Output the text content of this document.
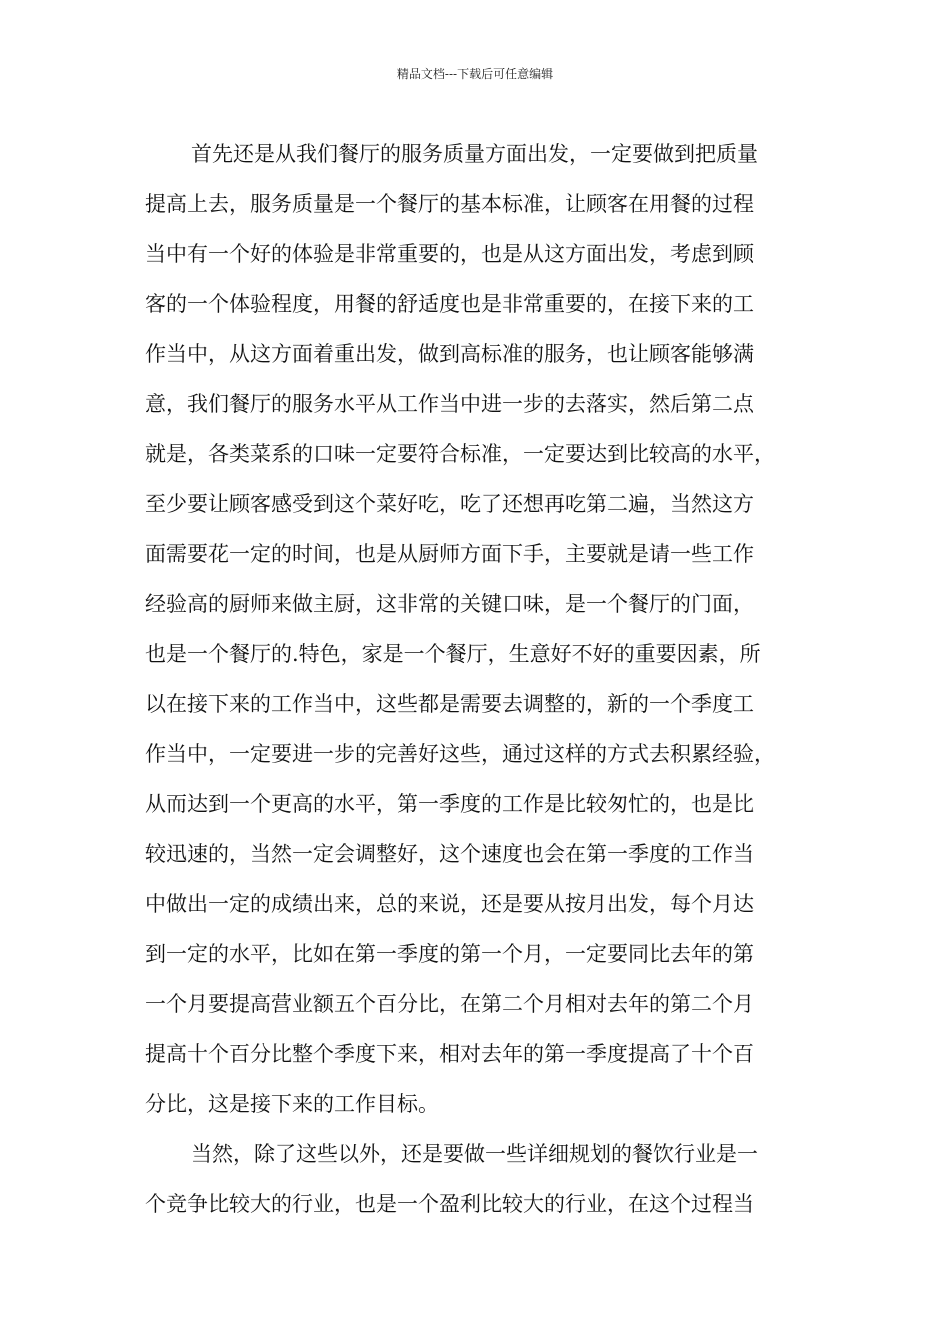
精品文档---下载后可任意编辑
首先还是从我们餐厅的服务质量方面出发，一定要做到把质量
提高上去，服务质量是一个餐厅的基本标准，让顾客在用餐的过程
当中有一个好的体验是非常重要的，也是从这方面出发，考虑到顾
客的一个体验程度，用餐的舒适度也是非常重要的，在接下来的工
作当中，从这方面着重出发，做到高标准的服务，也让顾客能够满
意，我们餐厅的服务水平从工作当中进一步的去落实，然后第二点
就是，各类菜系的口味一定要符合标准，一定要达到比较高的水平，
至少要让顾客感受到这个菜好吃，吃了还想再吃第二遍，当然这方
面需要花一定的时间，也是从厨师方面下手，主要就是请一些工作
经验高的厨师来做主厨，这非常的关键口味，是一个餐厅的门面，
也是一个餐厅的.特色，家是一个餐厅，生意好不好的重要因素，所
以在接下来的工作当中，这些都是需要去调整的，新的一个季度工
作当中，一定要进一步的完善好这些，通过这样的方式去积累经验，
从而达到一个更高的水平，第一季度的工作是比较匆忙的，也是比
较迅速的，当然一定会调整好，这个速度也会在第一季度的工作当
中做出一定的成绩出来，总的来说，还是要从按月出发，每个月达
到一定的水平，比如在第一季度的第一个月，一定要同比去年的第
一个月要提高营业额五个百分比，在第二个月相对去年的第二个月
提高十个百分比整个季度下来，相对去年的第一季度提高了十个百
分比，这是接下来的工作目标。
当然，除了这些以外，还是要做一些详细规划的餐饮行业是一
个竞争比较大的行业，也是一个盈利比较大的行业，在这个过程当
